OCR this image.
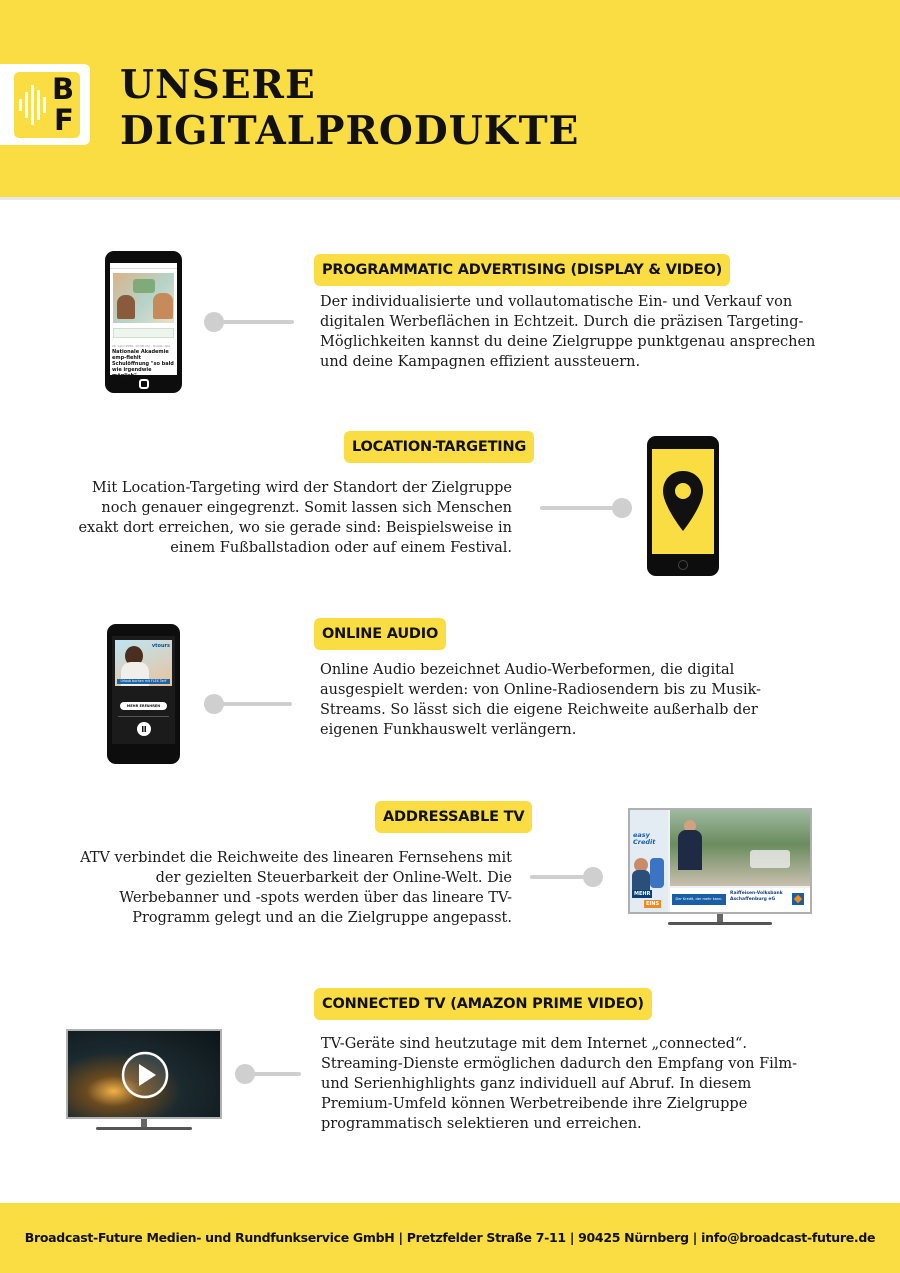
B
F
UNSERE
DIGITALPRODUKTE
21. April 2020, 12:38 Uhr · Quelle: dpa
Nationale Akademie emp-fiehlt Schulöffnung "so bald wie irgendwie möglich"
PROGRAMMATIC ADVERTISING (DISPLAY & VIDEO)
Der individualisierte und vollautomatische Ein- und Verkauf von digitalen Werbeflächen in Echtzeit. Durch die präzisen Targeting-Möglichkeiten kannst du deine Zielgruppe punktgenau ansprechen und deine Kampagnen effizient aussteuern.
LOCATION-TARGETING
Mit Location-Targeting wird der Standort der Zielgruppe noch genauer eingegrenzt. Somit lassen sich Menschen exakt dort erreichen, wo sie gerade sind: Beispielsweise in einem Fußballstadion oder auf einem Festival.
vtours
Urlaub buchen mit FLEX Tarif
MEHR ERFAHREN
ONLINE AUDIO
Online Audio bezeichnet Audio-Werbeformen, die digital ausgespielt werden: von Online-Radiosendern bis zu Musik-Streams. So lässt sich die eigene Reichweite außerhalb der eigenen Funkhauswelt verlängern.
ADDRESSABLE TV
ATV verbindet die Reichweite des linearen Fernsehens mit der gezielten Steuerbarkeit der Online-Welt. Die Werbebanner und -spots werden über das lineare TV-Programm gelegt und an die Zielgruppe angepasst.
easy Credit
MEHR
EINS
Der Kredit, der mehr kann.
Raiffeisen-Volksbank Aschaffenburg eG
CONNECTED TV (AMAZON PRIME VIDEO)
TV-Geräte sind heutzutage mit dem Internet „connected“. Streaming-Dienste ermöglichen dadurch den Empfang von Film- und Serienhighlights ganz individuell auf Abruf. In diesem Premium-Umfeld können Werbetreibende ihre Zielgruppe programmatisch selektieren und erreichen.
Broadcast-Future Medien- und Rundfunkservice GmbH | Pretzfelder Straße 7-11 | 90425 Nürnberg | info@broadcast-future.de
